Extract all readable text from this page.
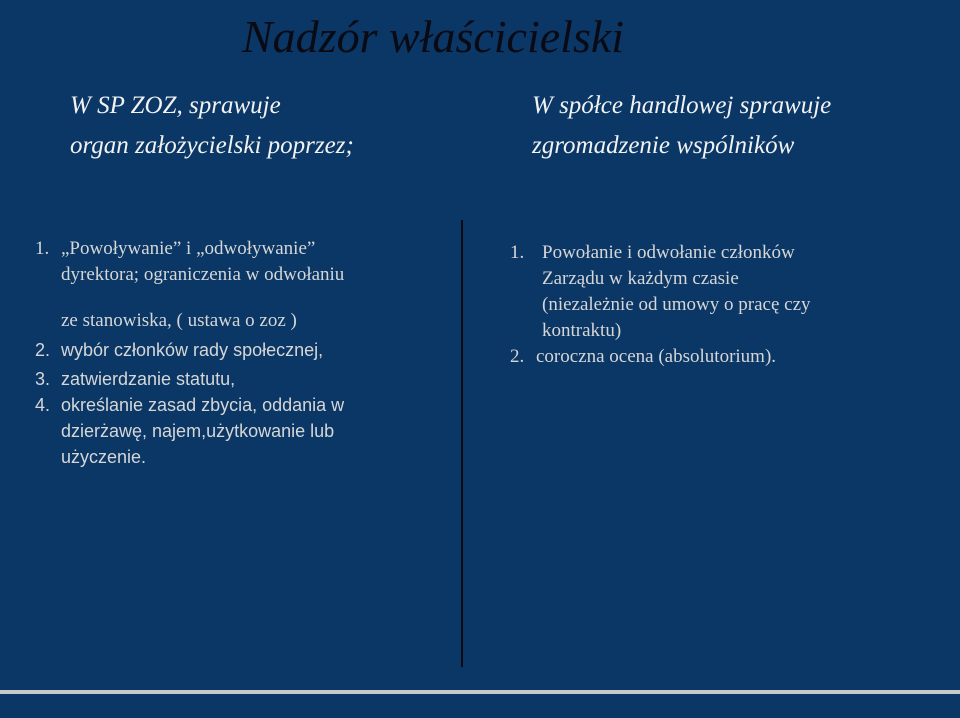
Nadzór właścicielski
W SP ZOZ, sprawuje
organ założycielski poprzez;
W spółce handlowej sprawuje
zgromadzenie wspólników
1. „Powoływanie” i „odwoływanie”
dyrektora; ograniczenia w odwołaniu
ze stanowiska, ( ustawa o zoz )
2. wybór członków rady społecznej,
3. zatwierdzanie statutu,
4. określanie zasad zbycia, oddania w
dzierżawę, najem,użytkowanie lub
użyczenie.
1. Powołanie i odwołanie członków
Zarządu w każdym czasie
(niezależnie od umowy o pracę czy
kontraktu)
2. coroczna ocena (absolutorium).
